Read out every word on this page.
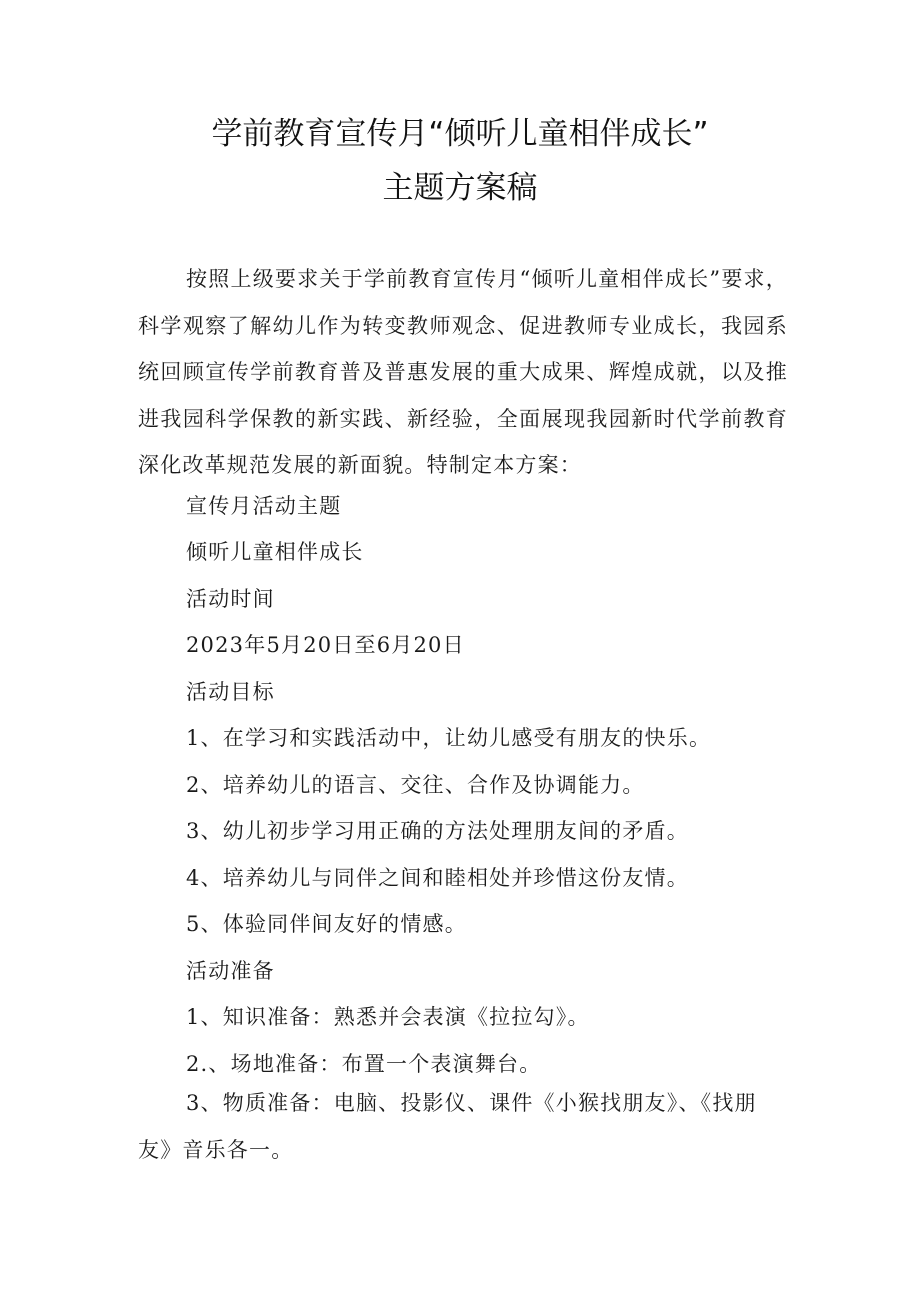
学前教育宣传月“倾听儿童相伴成长”
主题方案稿
按照上级要求关于学前教育宣传月“倾听儿童相伴成长”要求，科学观察了解幼儿作为转变教师观念、促进教师专业成长，我园系统回顾宣传学前教育普及普惠发展的重大成果、辉煌成就，以及推进我园科学保教的新实践、新经验，全面展现我园新时代学前教育深化改革规范发展的新面貌。特制定本方案：
宣传月活动主题
倾听儿童相伴成长
活动时间
2023年5月20日至6月20日
活动目标
1、在学习和实践活动中，让幼儿感受有朋友的快乐。
2、培养幼儿的语言、交往、合作及协调能力。
3、幼儿初步学习用正确的方法处理朋友间的矛盾。
4、培养幼儿与同伴之间和睦相处并珍惜这份友情。
5、体验同伴间友好的情感。
活动准备
1、知识准备：熟悉并会表演《拉拉勾》。
2.、场地准备：布置一个表演舞台。
3、物质准备：电脑、投影仪、课件《小猴找朋友》、《找朋友》音乐各一。
